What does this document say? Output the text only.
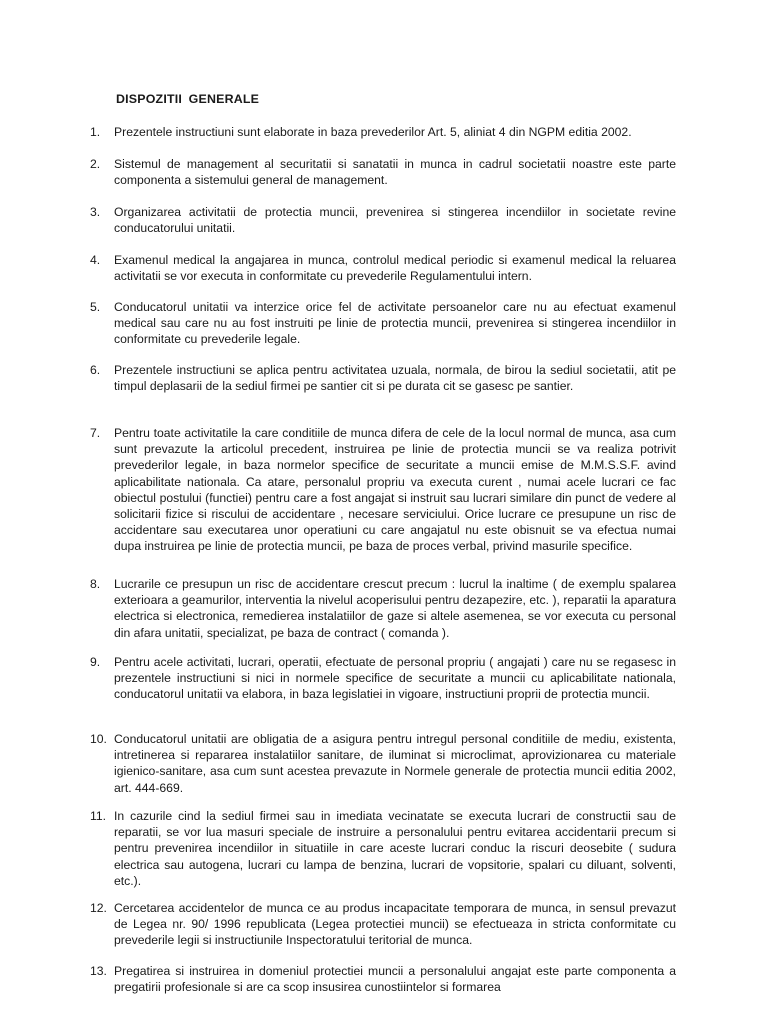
DISPOZITII GENERALE
1. Prezentele instructiuni sunt elaborate in baza prevederilor Art. 5, aliniat 4 din NGPM editia 2002.
2. Sistemul de management al securitatii si sanatatii in munca in cadrul societatii noastre este parte componenta a sistemului general de management.
3. Organizarea activitatii de protectia muncii, prevenirea si stingerea incendiilor in societate revine conducatorului unitatii.
4. Examenul medical la angajarea in munca, controlul medical periodic si examenul medical la reluarea activitatii se vor executa in conformitate cu prevederile Regulamentului intern.
5. Conducatorul unitatii va interzice orice fel de activitate persoanelor care nu au efectuat examenul medical sau care nu au fost instruiti pe linie de protectia muncii, prevenirea si stingerea incendiilor in conformitate cu prevederile legale.
6. Prezentele instructiuni se aplica pentru activitatea uzuala, normala, de birou la sediul societatii, atit pe timpul deplasarii de la sediul firmei pe santier cit si pe durata cit se gasesc pe santier.
7. Pentru toate activitatile la care conditiile de munca difera de cele de la locul normal de munca, asa cum sunt prevazute la articolul precedent, instruirea pe linie de protectia muncii se va realiza potrivit prevederilor legale, in baza normelor specifice de securitate a muncii emise de M.M.S.S.F. avind aplicabilitate nationala. Ca atare, personalul propriu va executa curent , numai acele lucrari ce fac obiectul postului (functiei) pentru care a fost angajat si instruit sau lucrari similare din punct de vedere al solicitarii fizice si riscului de accidentare , necesare serviciului. Orice lucrare ce presupune un risc de accidentare sau executarea unor operatiuni cu care angajatul nu este obisnuit se va efectua numai dupa instruirea pe linie de protectia muncii, pe baza de proces verbal, privind masurile specifice.
8. Lucrarile ce presupun un risc de accidentare crescut precum : lucrul la inaltime ( de exemplu spalarea exterioara a geamurilor, interventia la nivelul acoperisului pentru dezapezire, etc. ), reparatii la aparatura electrica si electronica, remedierea instalatiilor de gaze si altele asemenea, se vor executa cu personal din afara unitatii, specializat, pe baza de contract ( comanda ).
9. Pentru acele activitati, lucrari, operatii, efectuate de personal propriu ( angajati ) care nu se regasesc in prezentele instructiuni si nici in normele specifice de securitate a muncii cu aplicabilitate nationala, conducatorul unitatii va elabora, in baza legislatiei in vigoare, instructiuni proprii de protectia muncii.
10. Conducatorul unitatii are obligatia de a asigura pentru intregul personal conditiile de mediu, existenta, intretinerea si repararea instalatiilor sanitare, de iluminat si microclimat, aprovizionarea cu materiale igienico-sanitare, asa cum sunt acestea prevazute in Normele generale de protectia muncii editia 2002, art. 444-669.
11. In cazurile cind la sediul firmei sau in imediata vecinatate se executa lucrari de constructii sau de reparatii, se vor lua masuri speciale de instruire a personalului pentru evitarea accidentarii precum si pentru prevenirea incendiilor in situatiile in care aceste lucrari conduc la riscuri deosebite ( sudura electrica sau autogena, lucrari cu lampa de benzina, lucrari de vopsitorie, spalari cu diluant, solventi, etc.).
12. Cercetarea accidentelor de munca ce au produs incapacitate temporara de munca, in sensul prevazut de Legea nr. 90/ 1996 republicata (Legea protectiei muncii) se efectueaza in stricta conformitate cu prevederile legii si instructiunile Inspectoratului teritorial de munca.
13. Pregatirea si instruirea in domeniul protectiei muncii a personalului angajat este parte componenta a pregatirii profesionale si are ca scop insusirea cunostiintelor si formarea
